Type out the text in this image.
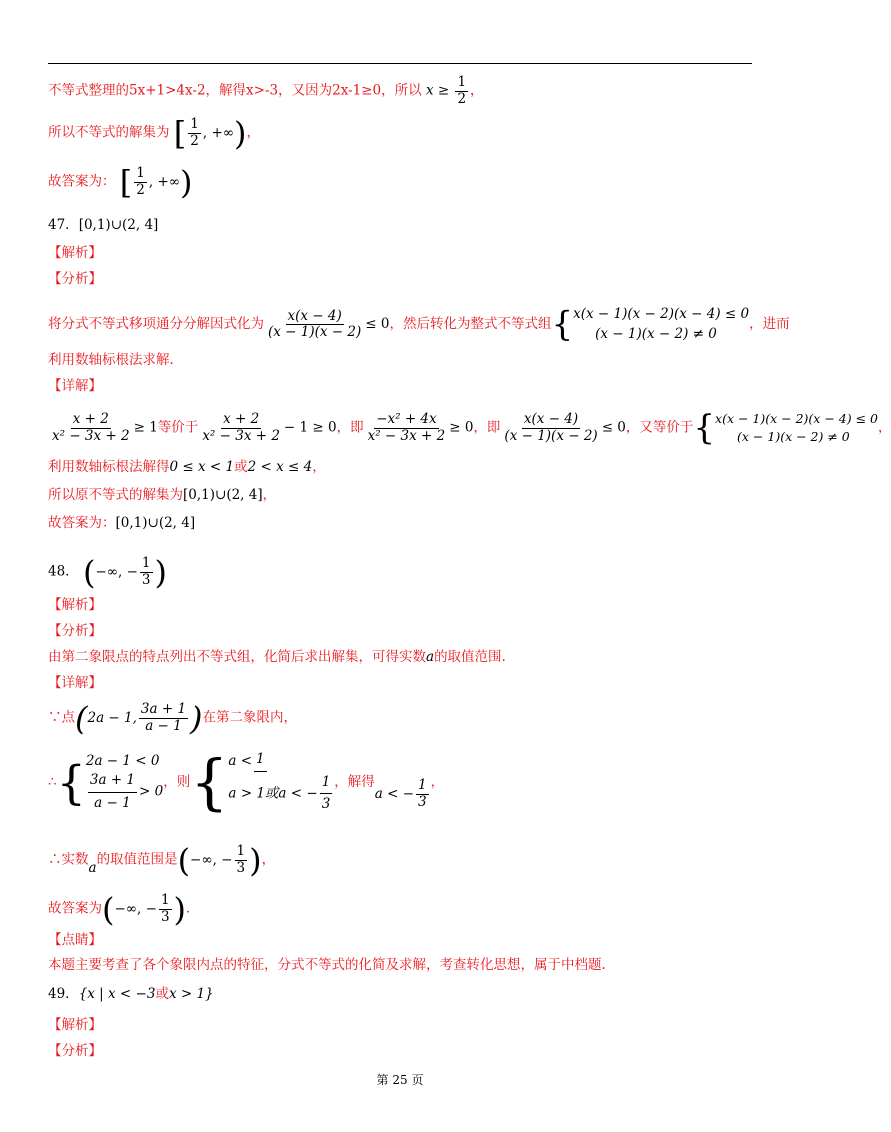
不等式整理的5x+1>4x-2，解得x>-3，又因为2x-1≥0，所以 $x \ge \frac{1}{2}$ ，
所以不等式的解集为 [ $\frac{1}{2}$ , +∞)，
故答案为： [ $\frac{1}{2}$ , +∞)
47．[0,1)∪(2, 4]
【解析】
【分析】
将分式不等式移项通分分解因式化为 $\frac{x(x - 4)}{(x - 1)(x - 2)} \le 0$，然后转化为整式不等式组{ x(x − 1)(x − 2)(x − 4) ≤ 0
(x − 1)(x − 2) ≠ 0
，进而
利用数轴标根法求解.
【详解】
$\frac{x + 2}{\text{x² − 3x + 2}} \ge 1$等价于 $\frac{x + 2}{\text{x² − 3x + 2}} - 1 \ge 0$，即 $\frac{\text{−x² + 4x}}{\text{x² − 3x + 2}} \ge 0$，即 $\frac{x(x - 4)}{(x - 1)(x - 2)} \le 0$，又等价于{ x(x − 1)(x − 2)(x − 4) ≤ 0
(x − 1)(x − 2) ≠ 0
，
利用数轴标根法解得0 ≤ x < 1或2 < x ≤ 4，
所以原不等式的解集为[0,1)∪(2, 4]，
故答案为：[0,1)∪(2, 4]
48． (−∞, − $\frac{1}{3}$ )
【解析】
【分析】
由第二象限点的特点列出不等式组，化简后求出解集，可得实数a的取值范围.
【详解】
∵点(2a − 1, $\frac{3a + 1}{a - 1}$ )在第二象限内，
∴{ 2a − 1 < 0
$\frac{3a + 1}{a - 1} > 0$
，则{ a < 1
a > 1或a < − $\frac{1}{3}$ ，解得a < − $\frac{1}{3}$ ，
∴实数a的取值范围是(−∞, − $\frac{1}{3}$ )，
故答案为(−∞, − $\frac{1}{3}$ )．
【点睛】
本题主要考查了各个象限内点的特征，分式不等式的化简及求解，考查转化思想，属于中档题.
49．{x | x < −3或x > 1}
【解析】
【分析】
第 25 页
